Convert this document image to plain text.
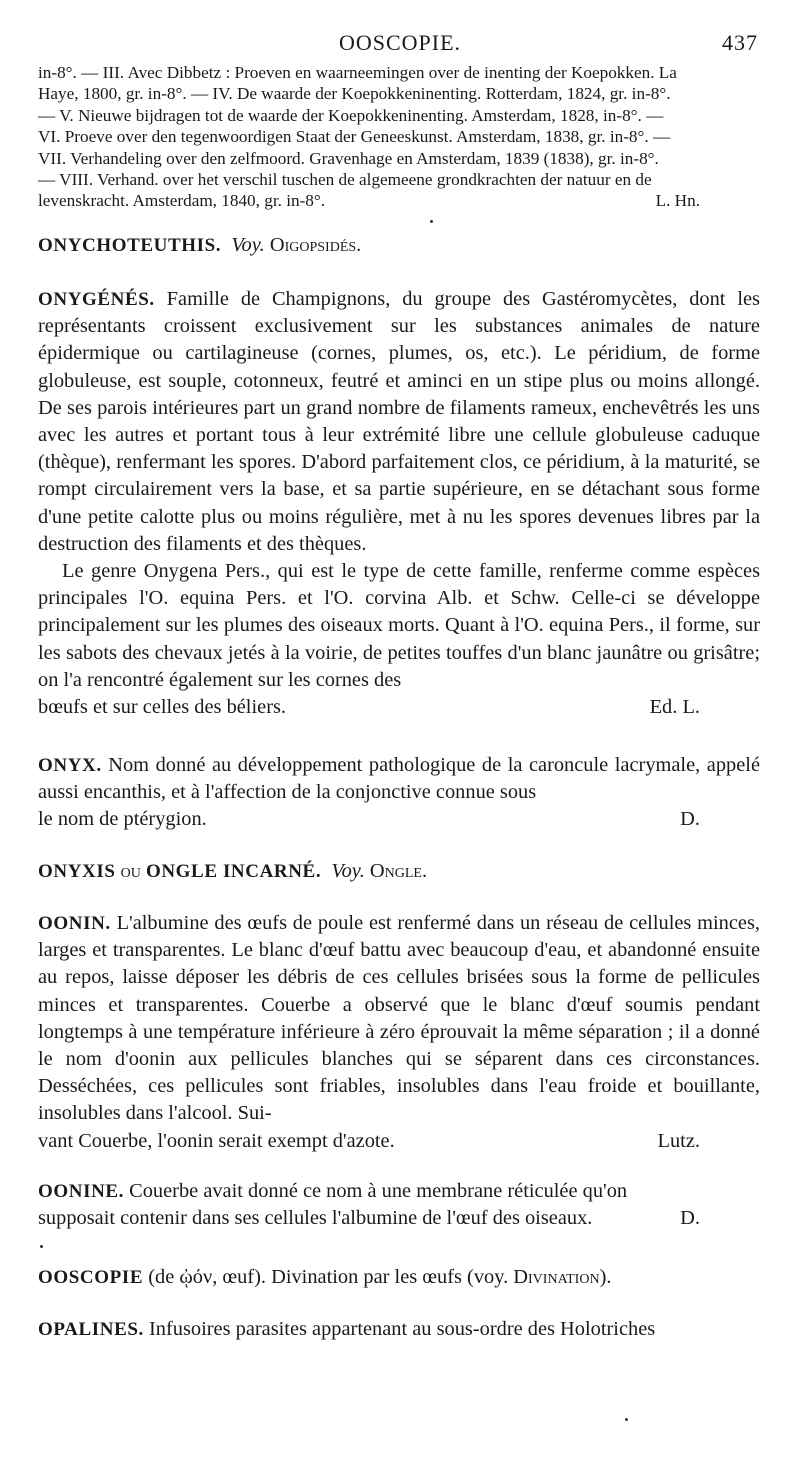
OOSCOPIE.	437
in-8°. — III. Avec Dibbetz : Proeven en waarneemingen over de inenting der Koepokken. La
Haye, 1800, gr. in-8°. — IV. De waarde der Koepokkeninenting. Rotterdam, 1824, gr. in-8°.
— V. Nieuwe bijdragen tot de waarde der Koepokkeninenting. Amsterdam, 1828, in-8°. —
VI. Proeve over den tegenwoordigen Staat der Geneeskunst. Amsterdam, 1838, gr. in-8°. —
VII. Verhandeling over den zelfmoord. Gravenhage en Amsterdam, 1839 (1838), gr. in-8°.
— VIII. Verhand. over het verschil tuschen de algemeene grondkrachten der natuur en de
levenskracht. Amsterdam, 1840, gr. in-8°.	L. Hn.
ONYCHOTEUTHIS. Voy. Oigopsidés.
ONYGÉNÉS. Famille de Champignons, du groupe des Gastéromycètes, dont les représentants croissent exclusivement sur les substances animales de nature épidermique ou cartilagineuse (cornes, plumes, os, etc.). Le péridium, de forme globuleuse, est souple, cotonneux, feutré et aminci en un stipe plus ou moins allongé. De ses parois intérieures part un grand nombre de filaments rameux, enchevêtrés les uns avec les autres et portant tous à leur extrémité libre une cellule globuleuse caduque (thèque), renfermant les spores. D'abord parfaitement clos, ce péridium, à la maturité, se rompt circulairement vers la base, et sa partie supérieure, en se détachant sous forme d'une petite calotte plus ou moins régulière, met à nu les spores devenues libres par la destruction des filaments et des thèques.
Le genre Onygena Pers., qui est le type de cette famille, renferme comme espèces principales l'O. equina Pers. et l'O. corvina Alb. et Schw. Celle-ci se développe principalement sur les plumes des oiseaux morts. Quant à l'O. equina Pers., il forme, sur les sabots des chevaux jetés à la voirie, de petites touffes d'un blanc jaunâtre ou grisâtre; on l'a rencontré également sur les cornes des
bœufs et sur celles des béliers.	Ed. L.
ONYX. Nom donné au développement pathologique de la caroncule lacrymale, appelé aussi encanthis, et à l'affection de la conjonctive connue sous
le nom de ptérygion.	D.
ONYXIS ou ONGLE INCARNÉ. Voy. Ongle.
OONIN. L'albumine des œufs de poule est renfermé dans un réseau de cellules minces, larges et transparentes. Le blanc d'œuf battu avec beaucoup d'eau, et abandonné ensuite au repos, laisse déposer les débris de ces cellules brisées sous la forme de pellicules minces et transparentes. Couerbe a observé que le blanc d'œuf soumis pendant longtemps à une température inférieure à zéro éprouvait la même séparation ; il a donné le nom d'oonin aux pellicules blanches qui se séparent dans ces circonstances. Desséchées, ces pellicules sont friables, insolubles dans l'eau froide et bouillante, insolubles dans l'alcool. Sui-
vant Couerbe, l'oonin serait exempt d'azote.	Lutz.
OONINE. Couerbe avait donné ce nom à une membrane réticulée qu'on
supposait contenir dans ses cellules l'albumine de l'œuf des oiseaux.	D.
OOSCOPIE (de ᾠόν, œuf). Divination par les œufs (voy. Divination).
OPALINES. Infusoires parasites appartenant au sous-ordre des Holotriches
